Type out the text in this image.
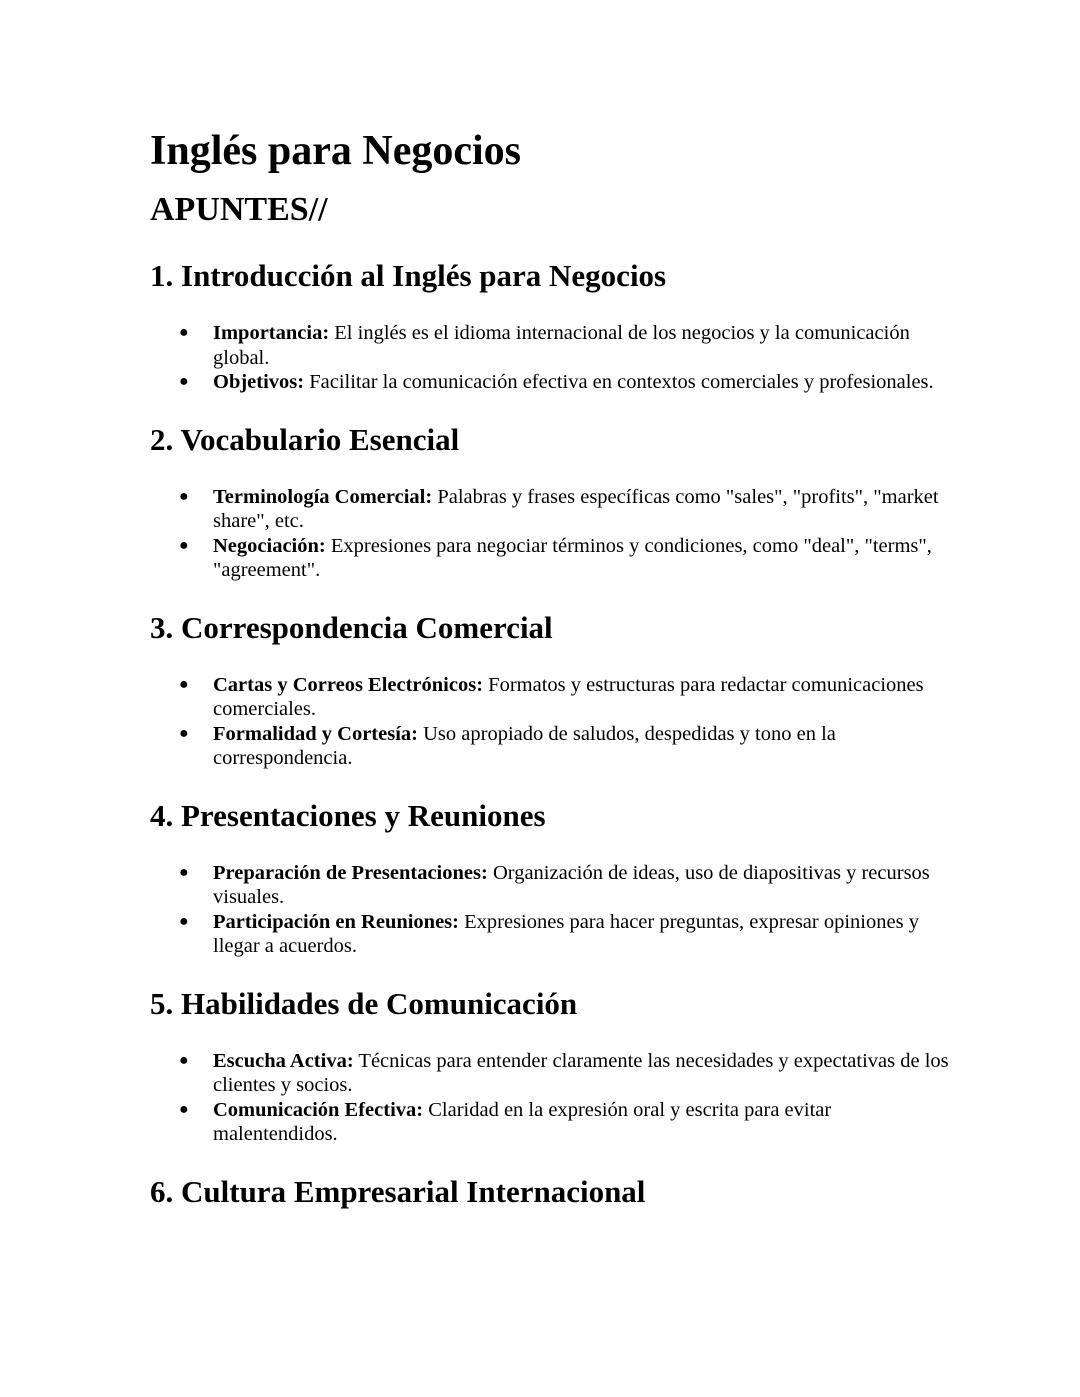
Inglés para Negocios
APUNTES//
1. Introducción al Inglés para Negocios
● Importancia: El inglés es el idioma internacional de los negocios y la comunicación global.
● Objetivos: Facilitar la comunicación efectiva en contextos comerciales y profesionales.
2. Vocabulario Esencial
● Terminología Comercial: Palabras y frases específicas como "sales", "profits", "market share", etc.
● Negociación: Expresiones para negociar términos y condiciones, como "deal", "terms", "agreement".
3. Correspondencia Comercial
● Cartas y Correos Electrónicos: Formatos y estructuras para redactar comunicaciones comerciales.
● Formalidad y Cortesía: Uso apropiado de saludos, despedidas y tono en la correspondencia.
4. Presentaciones y Reuniones
● Preparación de Presentaciones: Organización de ideas, uso de diapositivas y recursos visuales.
● Participación en Reuniones: Expresiones para hacer preguntas, expresar opiniones y llegar a acuerdos.
5. Habilidades de Comunicación
● Escucha Activa: Técnicas para entender claramente las necesidades y expectativas de los clientes y socios.
● Comunicación Efectiva: Claridad en la expresión oral y escrita para evitar malentendidos.
6. Cultura Empresarial Internacional
